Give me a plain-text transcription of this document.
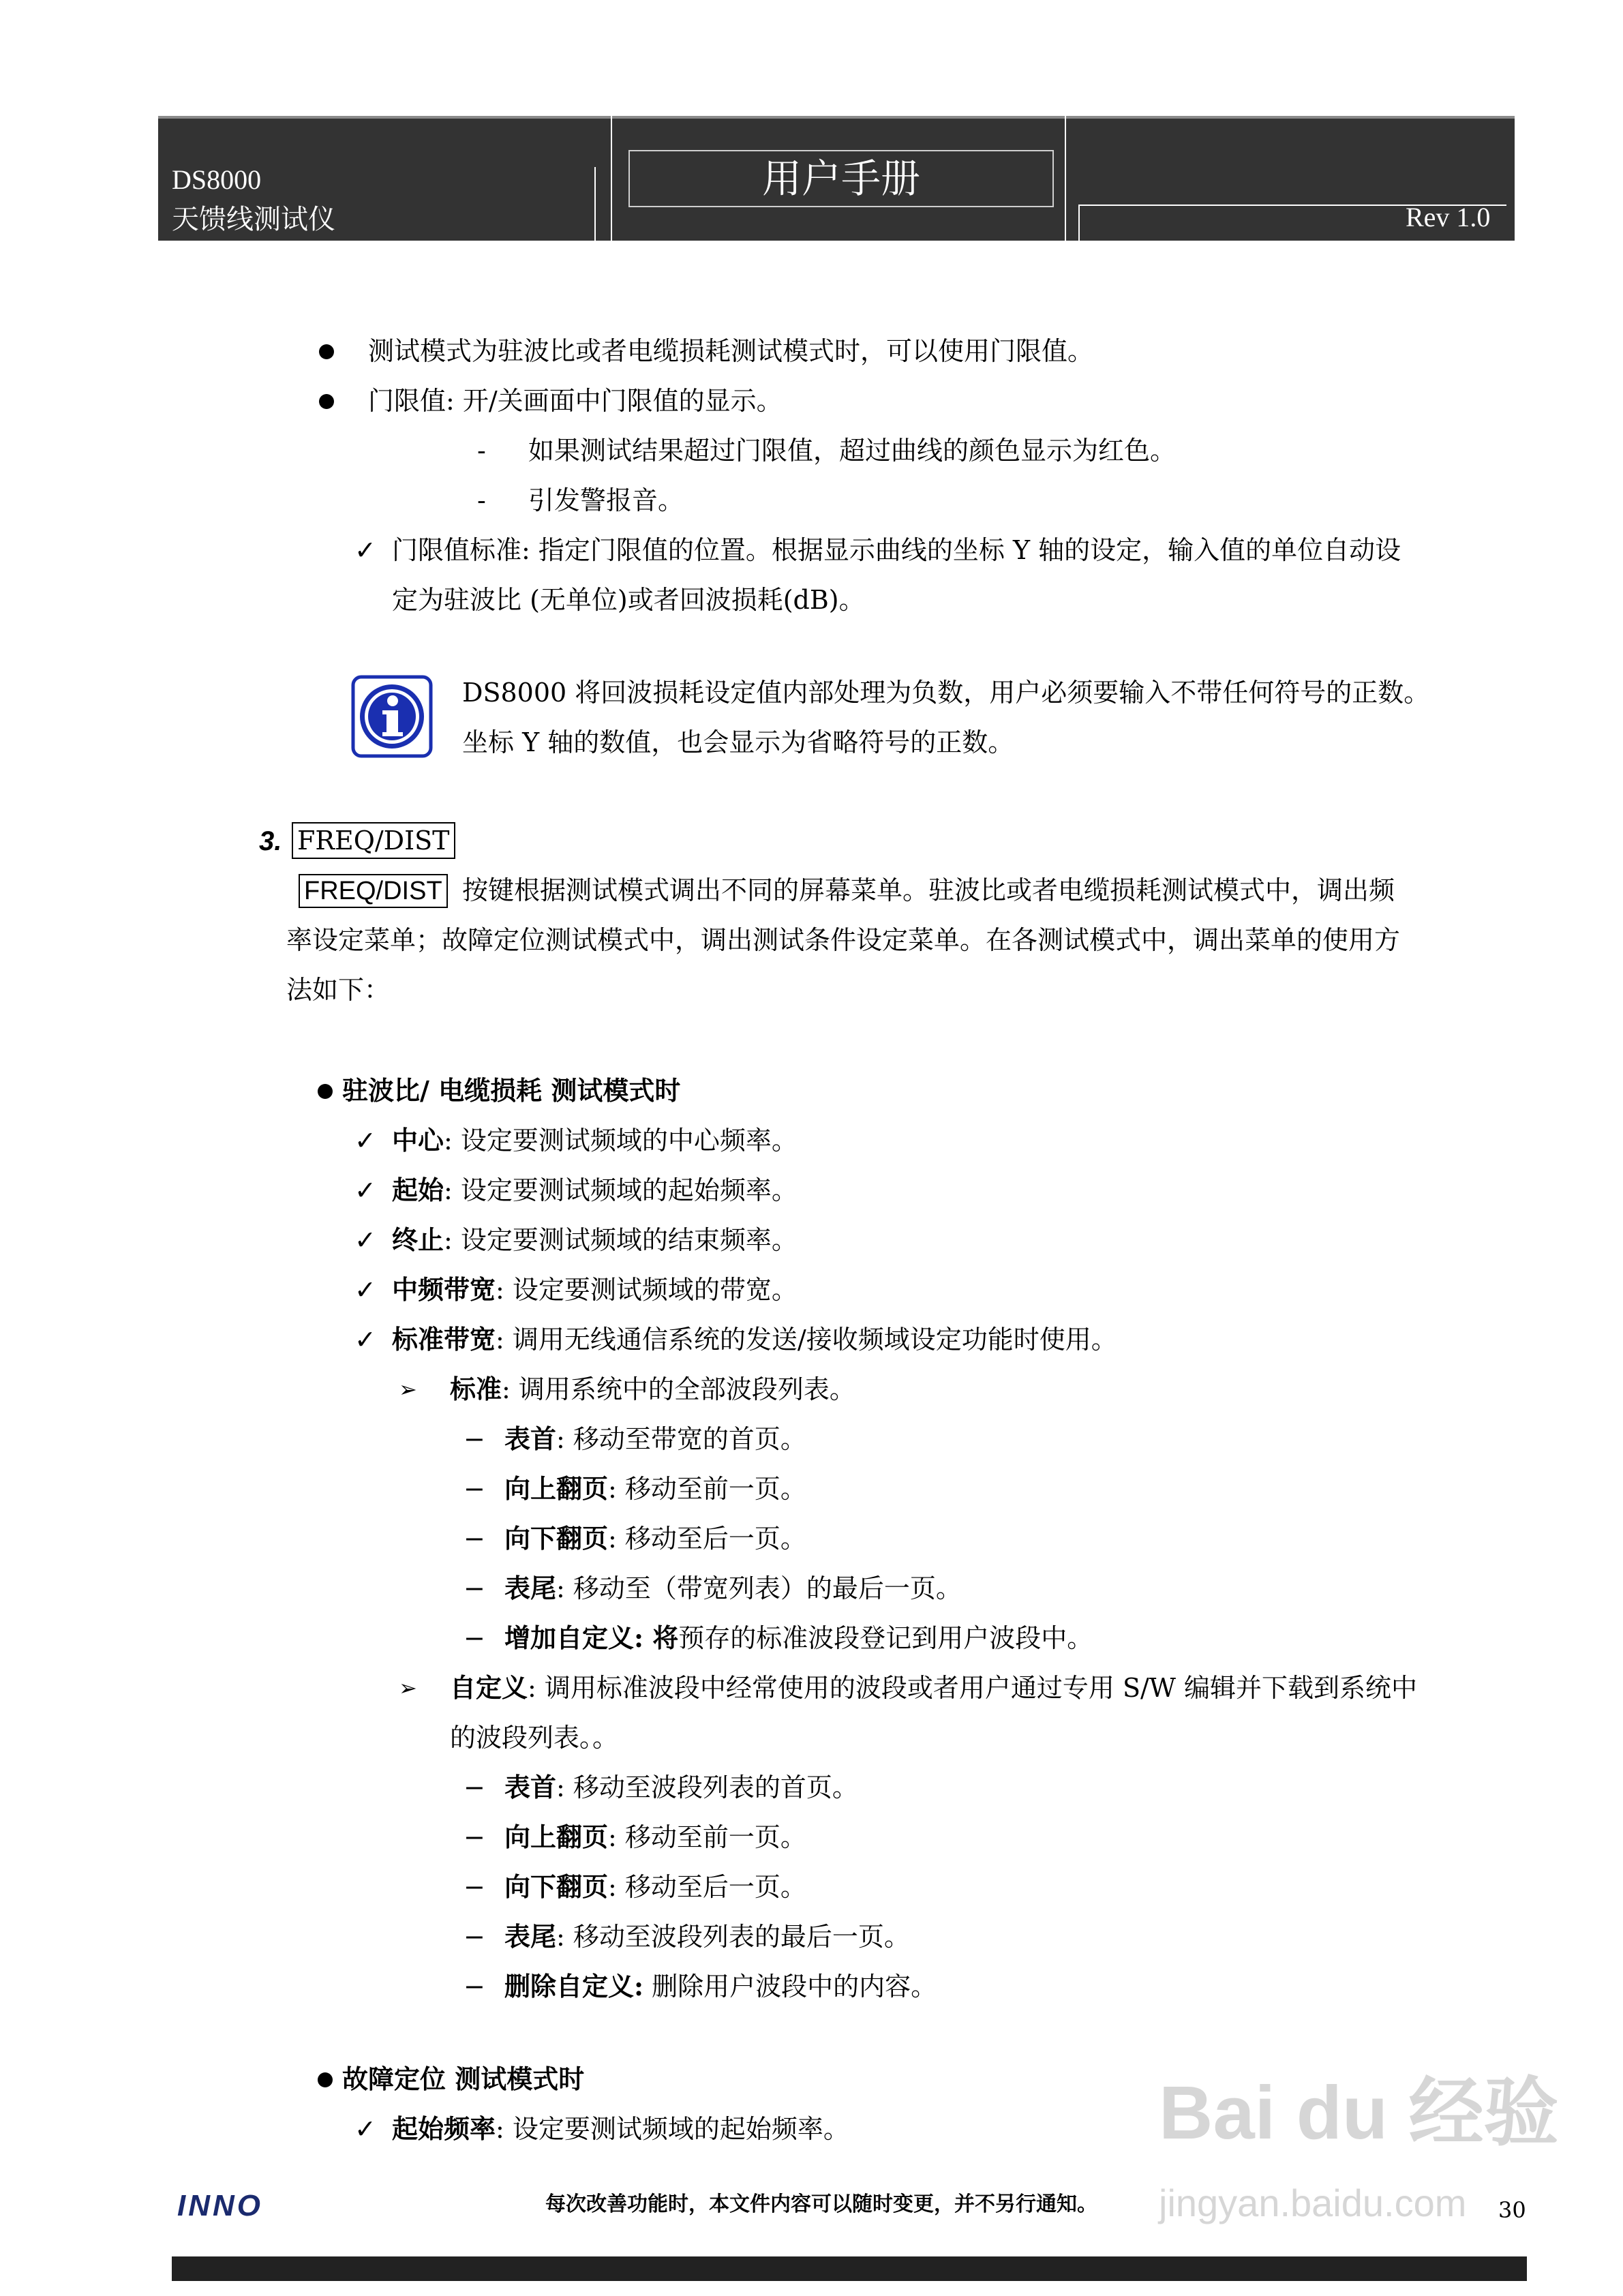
DS8000
天馈线测试仪
用户手册
Rev 1.0
测试模式为驻波比或者电缆损耗测试模式时，可以使用门限值。
门限值: 开/关画面中门限值的显示。
- 如果测试结果超过门限值，超过曲线的颜色显示为红色。
- 引发警报音。
✓ 门限值标准: 指定门限值的位置。根据显示曲线的坐标 Y 轴的设定，输入值的单位自动设
定为驻波比 (无单位)或者回波损耗(dB)。
DS8000 将回波损耗设定值内部处理为负数，用户必须要输入不带任何符号的正数。
坐标 Y 轴的数值，也会显示为省略符号的正数。
3. FREQ/DIST
FREQ/DIST 按键根据测试模式调出不同的屏幕菜单。驻波比或者电缆损耗测试模式中，调出频
率设定菜单；故障定位测试模式中，调出测试条件设定菜单。在各测试模式中，调出菜单的使用方
法如下：
驻波比/ 电缆损耗 测试模式时
✓ 中心: 设定要测试频域的中心频率。
✓ 起始: 设定要测试频域的起始频率。
✓ 终止: 设定要测试频域的结束频率。
✓ 中频带宽: 设定要测试频域的带宽。
✓ 标准带宽: 调用无线通信系统的发送/接收频域设定功能时使用。
➢ 标准: 调用系统中的全部波段列表。
− 表首: 移动至带宽的首页。
− 向上翻页: 移动至前一页。
− 向下翻页: 移动至后一页。
− 表尾: 移动至（带宽列表）的最后一页。
− 增加自定义: 将预存的标准波段登记到用户波段中。
➢ 自定义: 调用标准波段中经常使用的波段或者用户通过专用 S/W 编辑并下载到系统中
的波段列表。。
− 表首: 移动至波段列表的首页。
− 向上翻页: 移动至前一页。
− 向下翻页: 移动至后一页。
− 表尾: 移动至波段列表的最后一页。
− 删除自定义: 删除用户波段中的内容。
故障定位 测试模式时
✓ 起始频率: 设定要测试频域的起始频率。	Bai du 经验
jingyan.baidu.com
INNO	每次改善功能时，本文件内容可以随时变更，并不另行通知。	30
